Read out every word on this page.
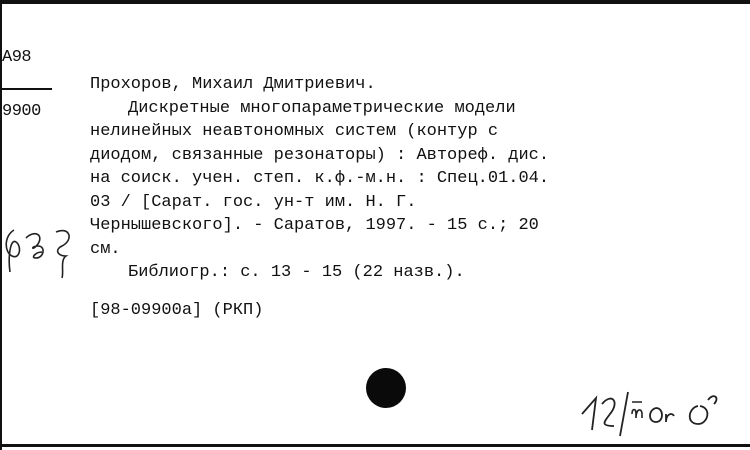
A98
9900
Прохоров, Михаил Дмитриевич.
Дискретные многопараметрические модели
нелинейных неавтономных систем (контур с
диодом, связанные резонаторы) : Автореф. дис.
на соиск. учен. степ. к.ф.-м.н. : Спец.01.04.
03 / [Сарат. гос. ун-т им. Н. Г.
Чернышевского]. - Саратов, 1997. - 15 с.; 20
см.
Библиогр.: с. 13 - 15 (22 назв.).
[98-09900a] (РКП)
